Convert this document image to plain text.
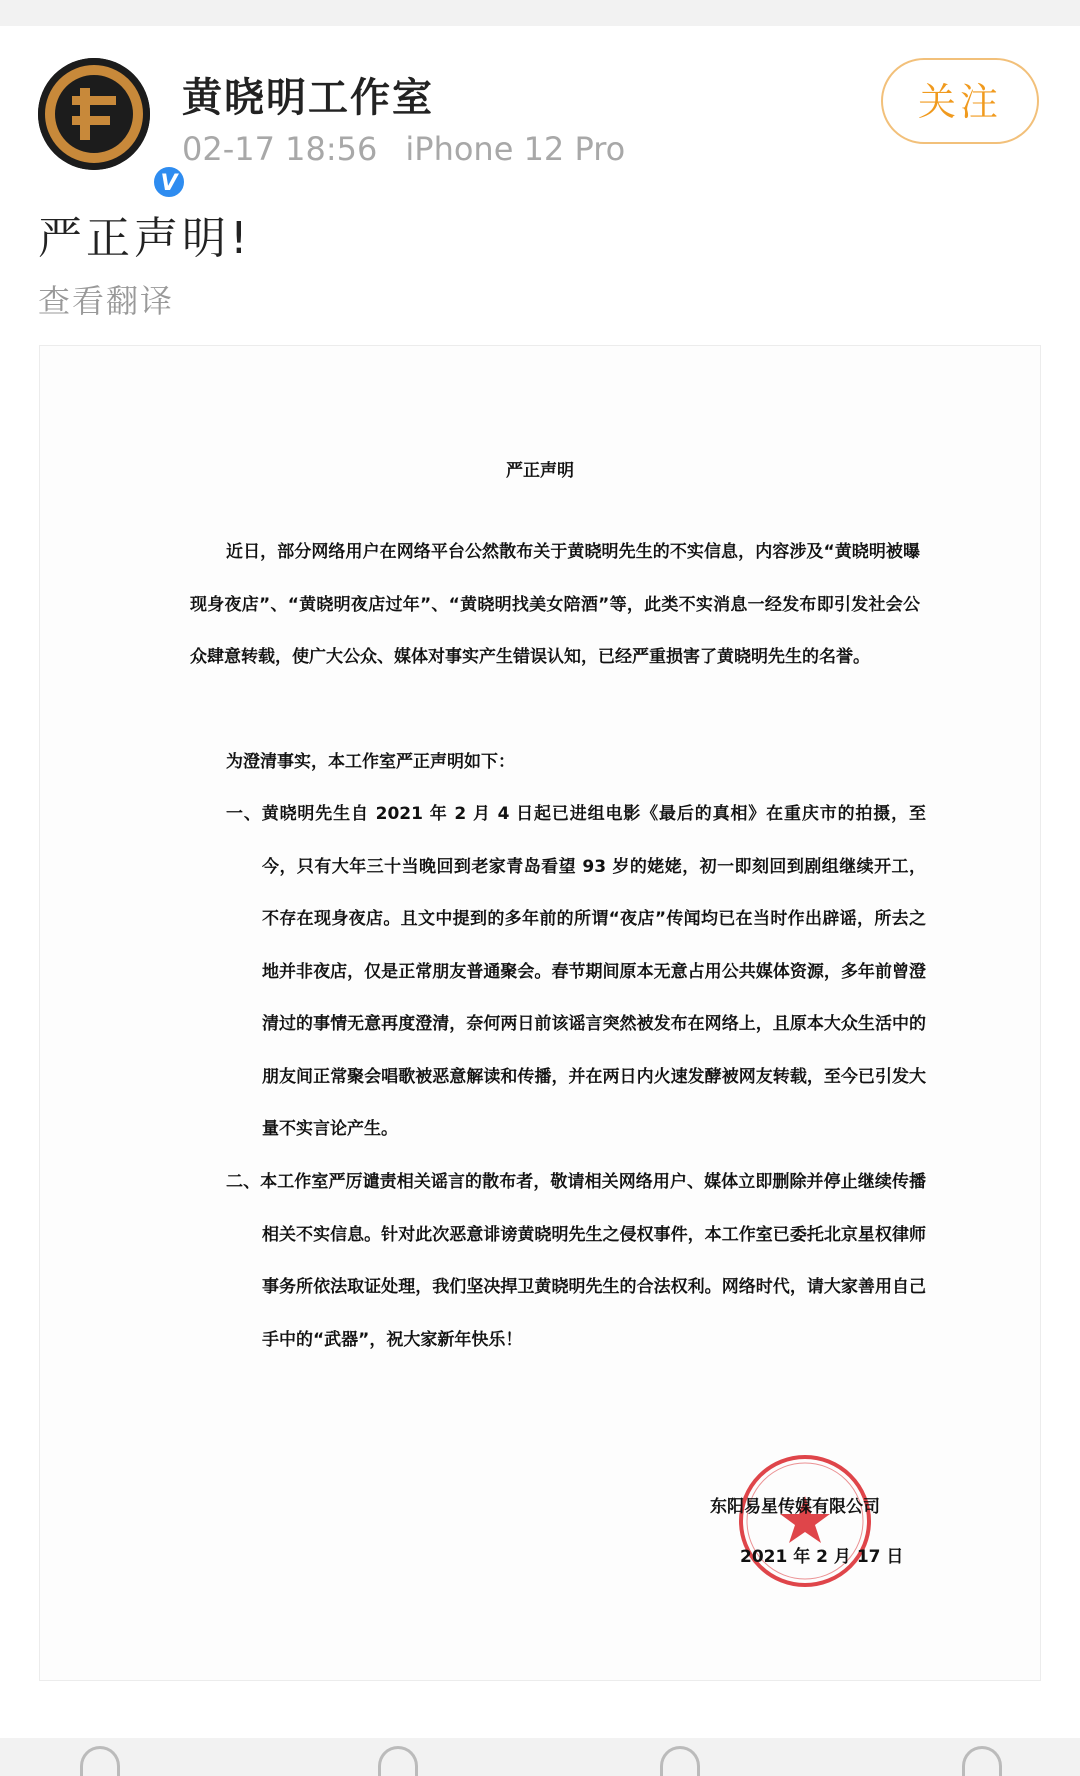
V
黄晓明工作室
02-17 18:56 iPhone 12 Pro
关注
严正声明!
查看翻译
严正声明
近日，部分网络用户在网络平台公然散布关于黄晓明先生的不实信息，内容涉及“黄晓明被曝现身夜店”、“黄晓明夜店过年”、“黄晓明找美女陪酒”等，此类不实消息一经发布即引发社会公众肆意转载，使广大公众、媒体对事实产生错误认知，已经严重损害了黄晓明先生的名誉。
为澄清事实，本工作室严正声明如下：
一、黄晓明先生自 2021 年 2 月 4 日起已进组电影《最后的真相》在重庆市的拍摄，至今，只有大年三十当晚回到老家青岛看望 93 岁的姥姥，初一即刻回到剧组继续开工，不存在现身夜店。且文中提到的多年前的所谓“夜店”传闻均已在当时作出辟谣，所去之地并非夜店，仅是正常朋友普通聚会。春节期间原本无意占用公共媒体资源，多年前曾澄清过的事情无意再度澄清，奈何两日前该谣言突然被发布在网络上，且原本大众生活中的朋友间正常聚会唱歌被恶意解读和传播，并在两日内火速发酵被网友转载，至今已引发大量不实言论产生。
二、本工作室严厉谴责相关谣言的散布者，敬请相关网络用户、媒体立即删除并停止继续传播相关不实信息。针对此次恶意诽谤黄晓明先生之侵权事件，本工作室已委托北京星权律师事务所依法取证处理，我们坚决捍卫黄晓明先生的合法权利。网络时代，请大家善用自己手中的“武器”，祝大家新年快乐！
东阳易星传媒有限公司
2021 年 2 月 17 日
